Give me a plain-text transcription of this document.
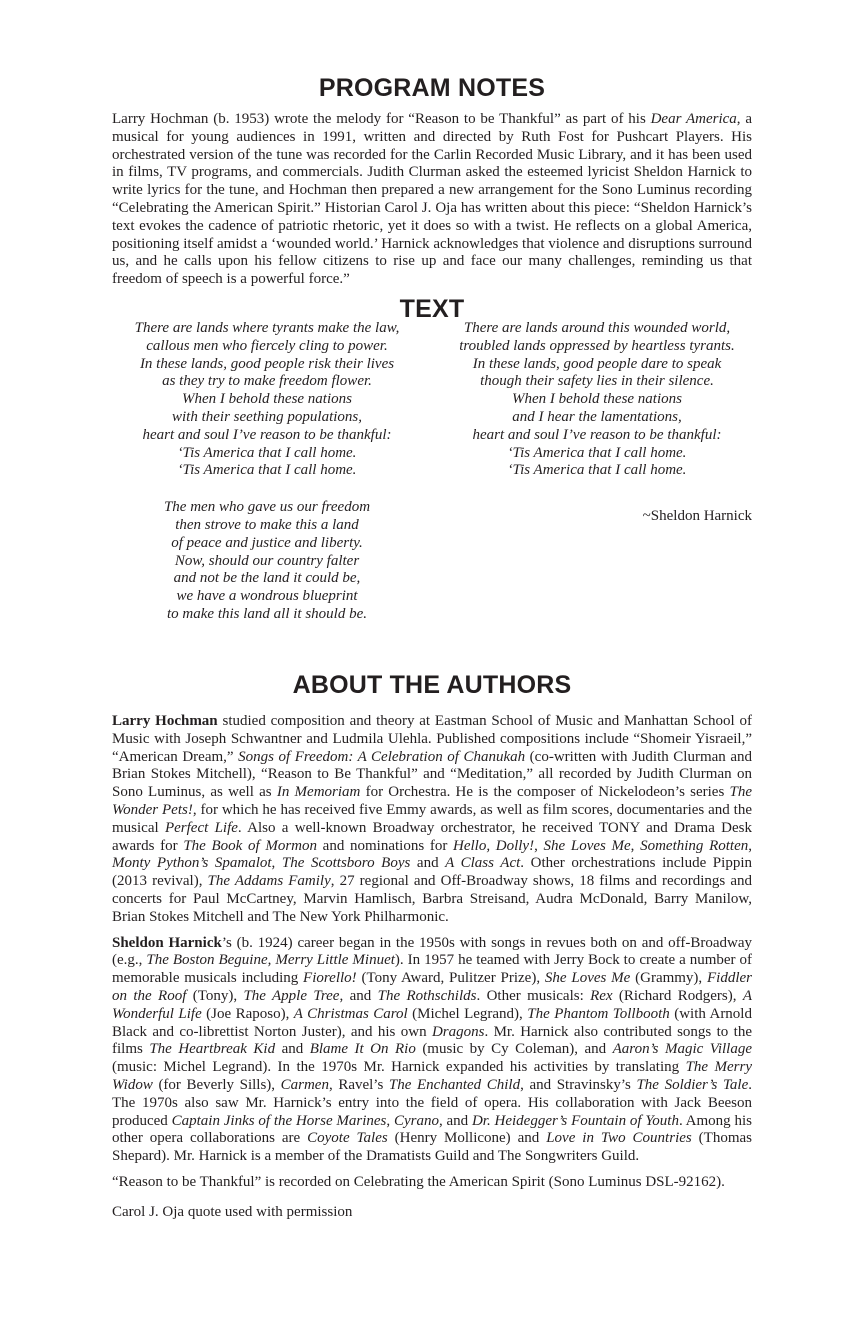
PROGRAM NOTES

Larry Hochman (b. 1953) wrote the melody for “Reason to be Thankful” as part of his Dear America, a musical for young audiences in 1991, written and directed by Ruth Fost for Pushcart Players. His orchestrated version of the tune was recorded for the Carlin Recorded Music Library, and it has been used in films, TV programs, and commercials. Judith Clurman asked the esteemed lyricist Sheldon Harnick to write lyrics for the tune, and Hochman then prepared a new arrangement for the Sono Luminus recording “Celebrating the American Spirit.” Historian Carol J. Oja has written about this piece: “Sheldon Harnick’s text evokes the cadence of patriotic rhetoric, yet it does so with a twist. He reflects on a global America, positioning itself amidst a ‘wounded world.’ Harnick acknowledges that violence and disruptions surround us, and he calls upon his fellow citizens to rise up and face our many challenges, reminding us that freedom of speech is a powerful force.”

TEXT

There are lands where tyrants make the law,

callous men who fiercely cling to power.

In these lands, good people risk their lives

as they try to make freedom flower.

When I behold these nations

with their seething populations,

heart and soul I’ve reason to be thankful:

‘Tis America that I call home.

‘Tis America that I call home.

The men who gave us our freedom

then strove to make this a land

of peace and justice and liberty.

Now, should our country falter

and not be the land it could be,

we have a wondrous blueprint

to make this land all it should be.

There are lands around this wounded world,

troubled lands oppressed by heartless tyrants.

In these lands, good people dare to speak

though their safety lies in their silence.

When I behold these nations

and I hear the lamentations,

heart and soul I’ve reason to be thankful:

‘Tis America that I call home.

‘Tis America that I call home.

~Sheldon Harnick
ABOUT THE AUTHORS

Larry Hochman studied composition and theory at Eastman School of Music and Manhattan School of Music with Joseph Schwantner and Ludmila Ulehla. Published compositions include “Shomeir Yisraeil,” “American Dream,” Songs of Freedom: A Celebration of Chanukah (co-written with Judith Clurman and Brian Stokes Mitchell), “Reason to Be Thankful” and “Meditation,” all recorded by Judith Clurman on Sono Luminus, as well as In Memoriam for Orchestra. He is the composer of Nickelodeon’s series The Wonder Pets!, for which he has received five Emmy awards, as well as film scores, documentaries and the musical Perfect Life. Also a well-known Broadway orchestrator, he received TONY and Drama Desk awards for The Book of Mormon and nominations for Hello, Dolly!, She Loves Me, Something Rotten, Monty Python’s Spamalot, The Scottsboro Boys and A Class Act. Other orchestrations include Pippin (2013 revival), The Addams Family, 27 regional and Off-Broadway shows, 18 films and recordings and concerts for Paul McCartney, Marvin Hamlisch, Barbra Streisand, Audra McDonald, Barry Manilow, Brian Stokes Mitchell and The New York Philharmonic.

Sheldon Harnick’s (b. 1924) career began in the 1950s with songs in revues both on and off-Broadway (e.g., The Boston Beguine, Merry Little Minuet). In 1957 he teamed with Jerry Bock to create a number of memorable musicals including Fiorello! (Tony Award, Pulitzer Prize), She Loves Me (Grammy), Fiddler on the Roof (Tony), The Apple Tree, and The Rothschilds. Other musicals: Rex (Richard Rodgers), A Wonderful Life (Joe Raposo), A Christmas Carol (Michel Legrand), The Phantom Tollbooth (with Arnold Black and co-librettist Norton Juster), and his own Dragons. Mr. Harnick also contributed songs to the films The Heartbreak Kid and Blame It On Rio (music by Cy Coleman), and Aaron’s Magic Village (music: Michel Legrand). In the 1970s Mr. Harnick expanded his activities by translating The Merry Widow (for Beverly Sills), Carmen, Ravel’s The Enchanted Child, and Stravinsky’s The Soldier’s Tale. The 1970s also saw Mr. Harnick’s entry into the field of opera. His collaboration with Jack Beeson produced Captain Jinks of the Horse Marines, Cyrano, and Dr. Heidegger’s Fountain of Youth. Among his other opera collaborations are Coyote Tales (Henry Mollicone) and Love in Two Countries (Thomas Shepard). Mr. Harnick is a member of the Dramatists Guild and The Songwriters Guild.

“Reason to be Thankful” is recorded on Celebrating the American Spirit (Sono Luminus DSL-92162).

Carol J. Oja quote used with permission
